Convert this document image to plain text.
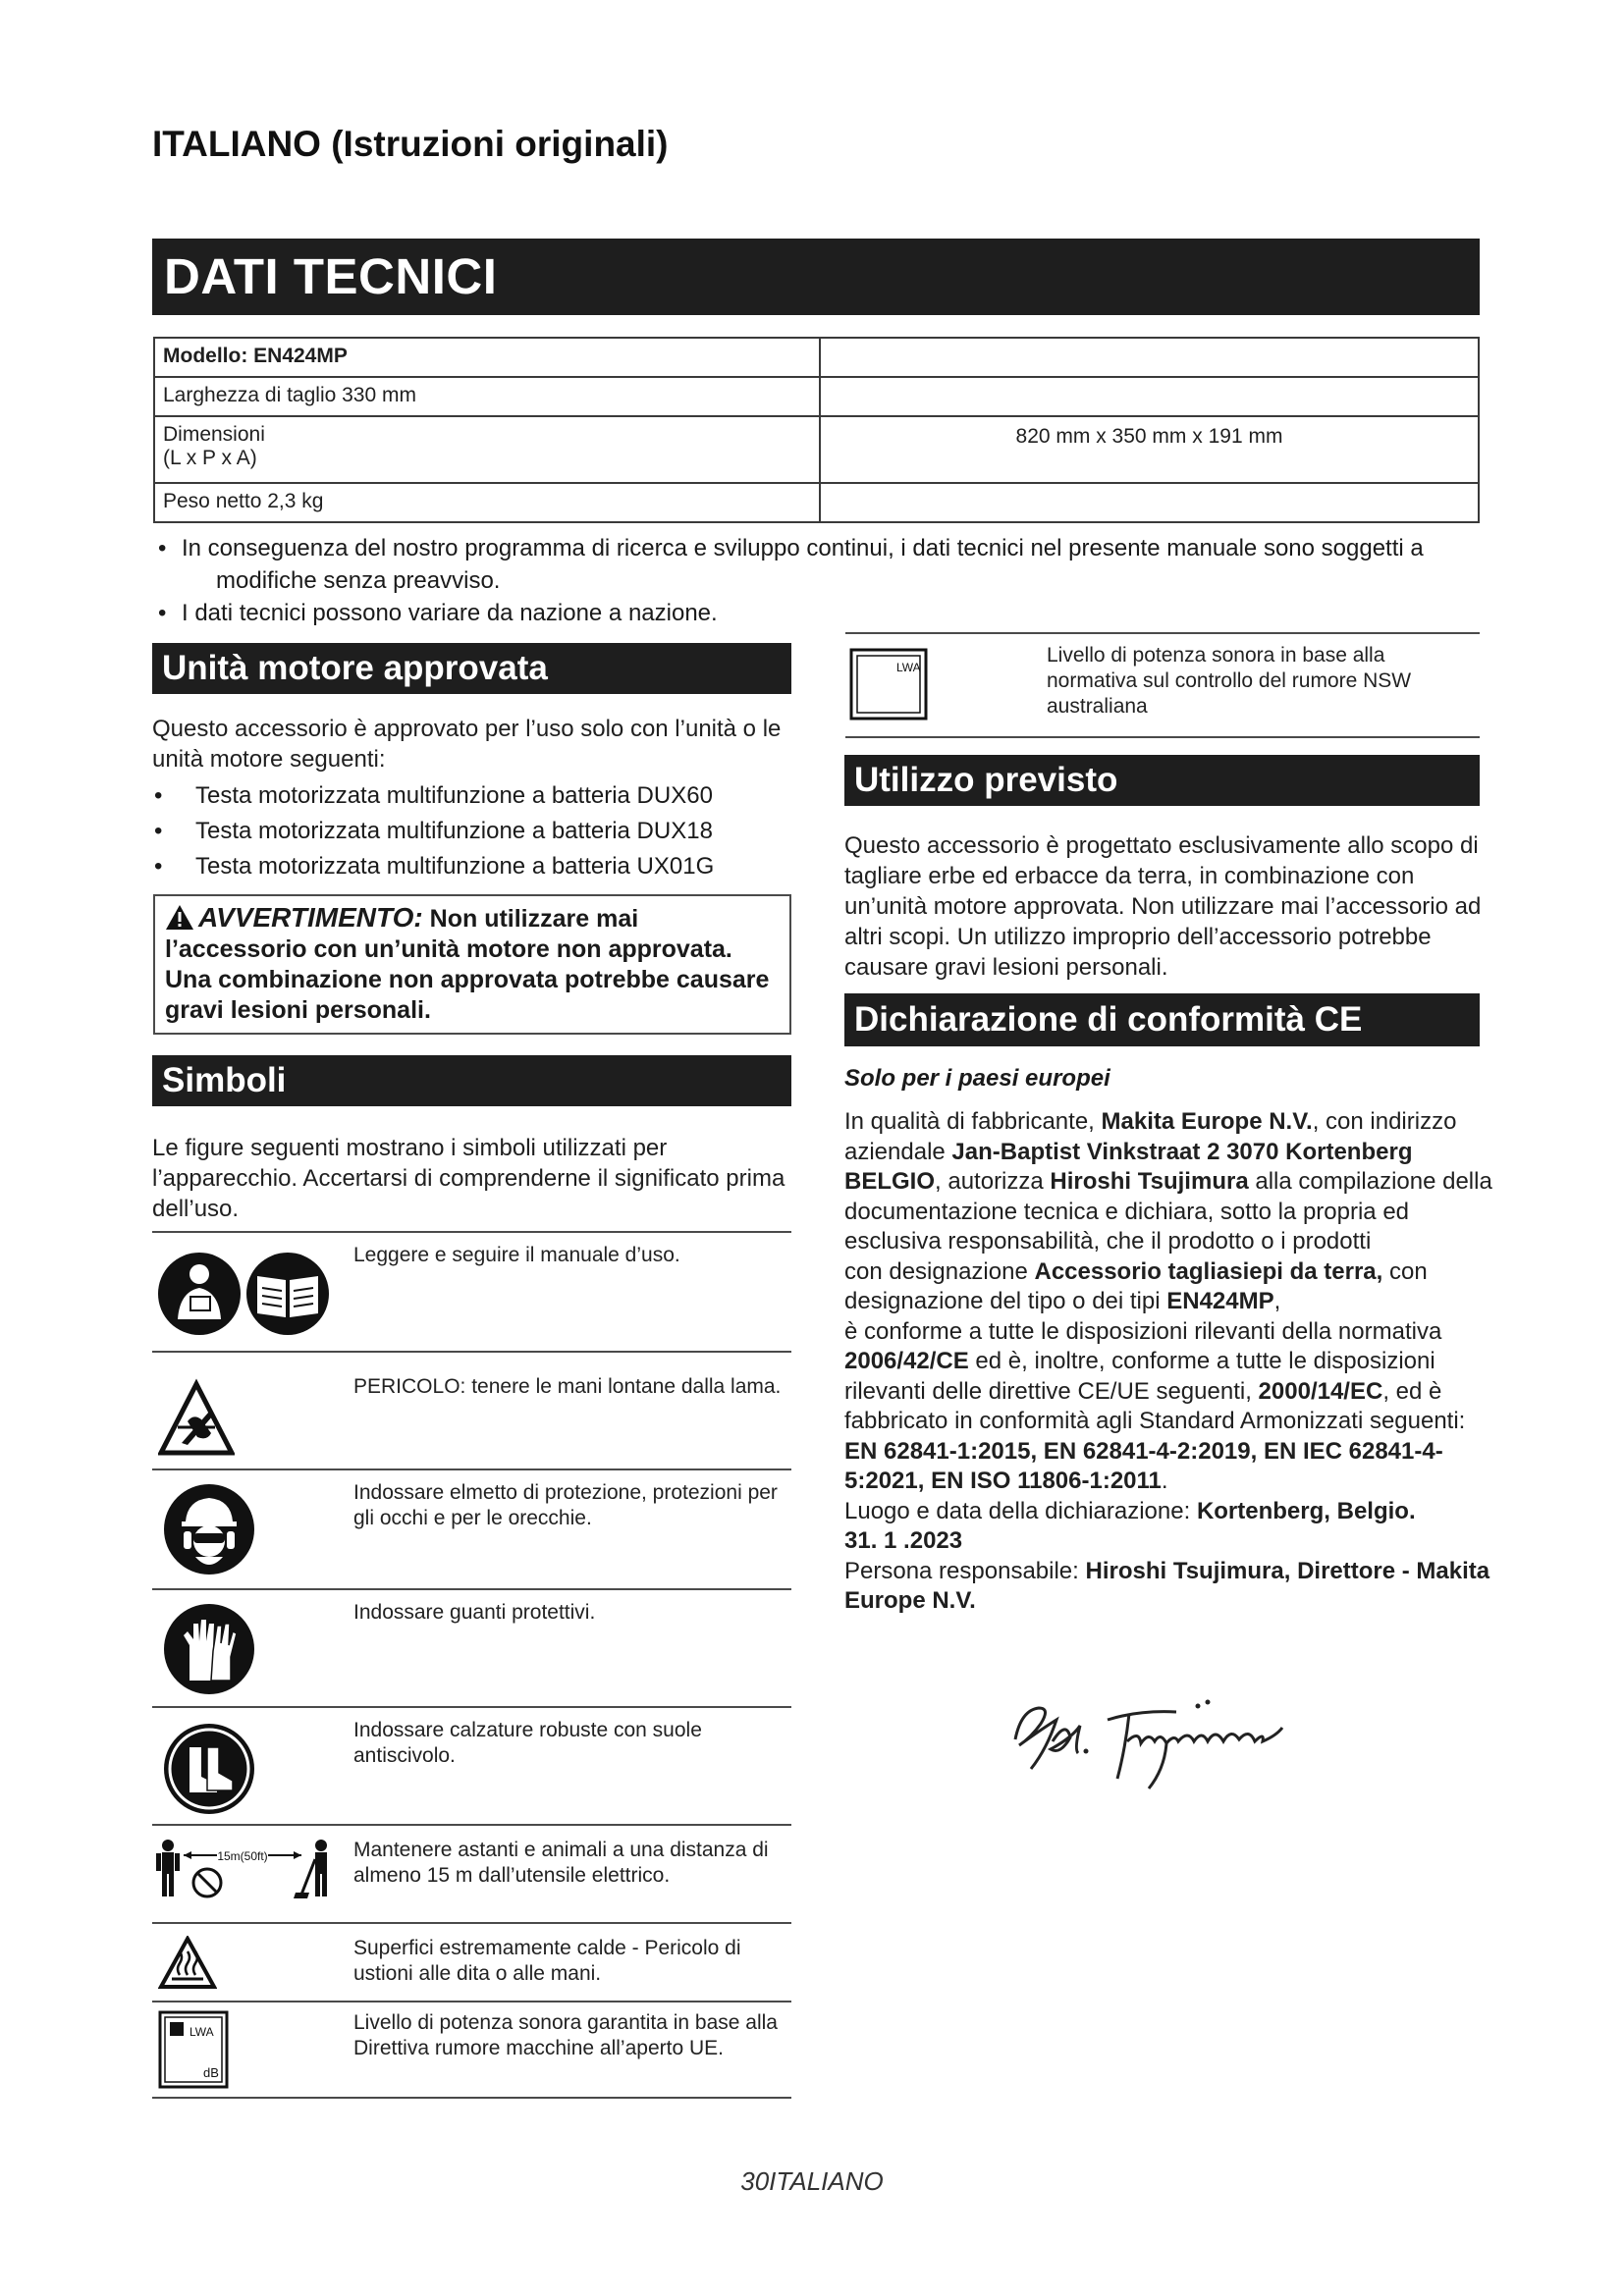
ITALIANO (Istruzioni originali)
DATI TECNICI
Modello: EN424MP	
Larghezza di taglio 330 mm	

Dimensioni
(L x P x A)	820 mm x 350 mm x 191 mm
Peso netto 2,3 kg	
• In conseguenza del nostro programma di ricerca e sviluppo continui, i dati tecnici nel presente manuale sono soggetti a modifiche senza preavviso.
• I dati tecnici possono variare da nazione a nazione.
Unità motore approvata
Questo accessorio è approvato per l’uso solo con l’unità o le unità motore seguenti:
•	Testa motorizzata multifunzione a batteria DUX60
•	Testa motorizzata multifunzione a batteria DUX18
•	Testa motorizzata multifunzione a batteria UX01G
AVVERTIMENTO: Non utilizzare mai l’accessorio con un’unità motore non approvata. Una combinazione non approvata potrebbe causare gravi lesioni personali.
Simboli
Le figure seguenti mostrano i simboli utilizzati per l’apparecchio. Accertarsi di comprenderne il significato prima dell’uso.
Leggere e seguire il manuale d’uso.
PERICOLO: tenere le mani lontane dalla lama.
Indossare elmetto di protezione, protezioni per gli occhi e per le orecchie.
Indossare guanti protettivi.
Indossare calzature robuste con suole antiscivolo.
15m(50ft)	Mantenere astanti e animali a una distanza di almeno 15 m dall’utensile elettrico.
Superfici estremamente calde - Pericolo di ustioni alle dita o alle mani.
LWA
dB
Livello di potenza sonora garantita in base alla Direttiva rumore macchine all’aperto UE.
LWA
Livello di potenza sonora in base alla normativa sul controllo del rumore NSW australiana
Utilizzo previsto
Questo accessorio è progettato esclusivamente allo scopo di tagliare erbe ed erbacce da terra, in combinazione con un’unità motore approvata. Non utilizzare mai l’accessorio ad altri scopi. Un utilizzo improprio dell’accessorio potrebbe causare gravi lesioni personali.
Dichiarazione di conformità CE
Solo per i paesi europei
In qualità di fabbricante, Makita Europe N.V., con indirizzo aziendale Jan-Baptist Vinkstraat 2 3070 Kortenberg BELGIO, autorizza Hiroshi Tsujimura alla compilazione della documentazione tecnica e dichiara, sotto la propria ed esclusiva responsabilità, che il prodotto o i prodotti
con designazione Accessorio tagliasiepi da terra, con designazione del tipo o dei tipi EN424MP,
è conforme a tutte le disposizioni rilevanti della normativa 2006/42/CE ed è, inoltre, conforme a tutte le disposizioni rilevanti delle direttive CE/UE seguenti, 2000/14/EC, ed è fabbricato in conformità agli Standard Armonizzati seguenti: EN 62841-1:2015, EN 62841-4-2:2019, EN IEC 62841-4-5:2021, EN ISO 11806-1:2011.
Luogo e data della dichiarazione: Kortenberg, Belgio.
31. 1 .2023
Persona responsabile: Hiroshi Tsujimura, Direttore - Makita Europe N.V.
30ITALIANO
